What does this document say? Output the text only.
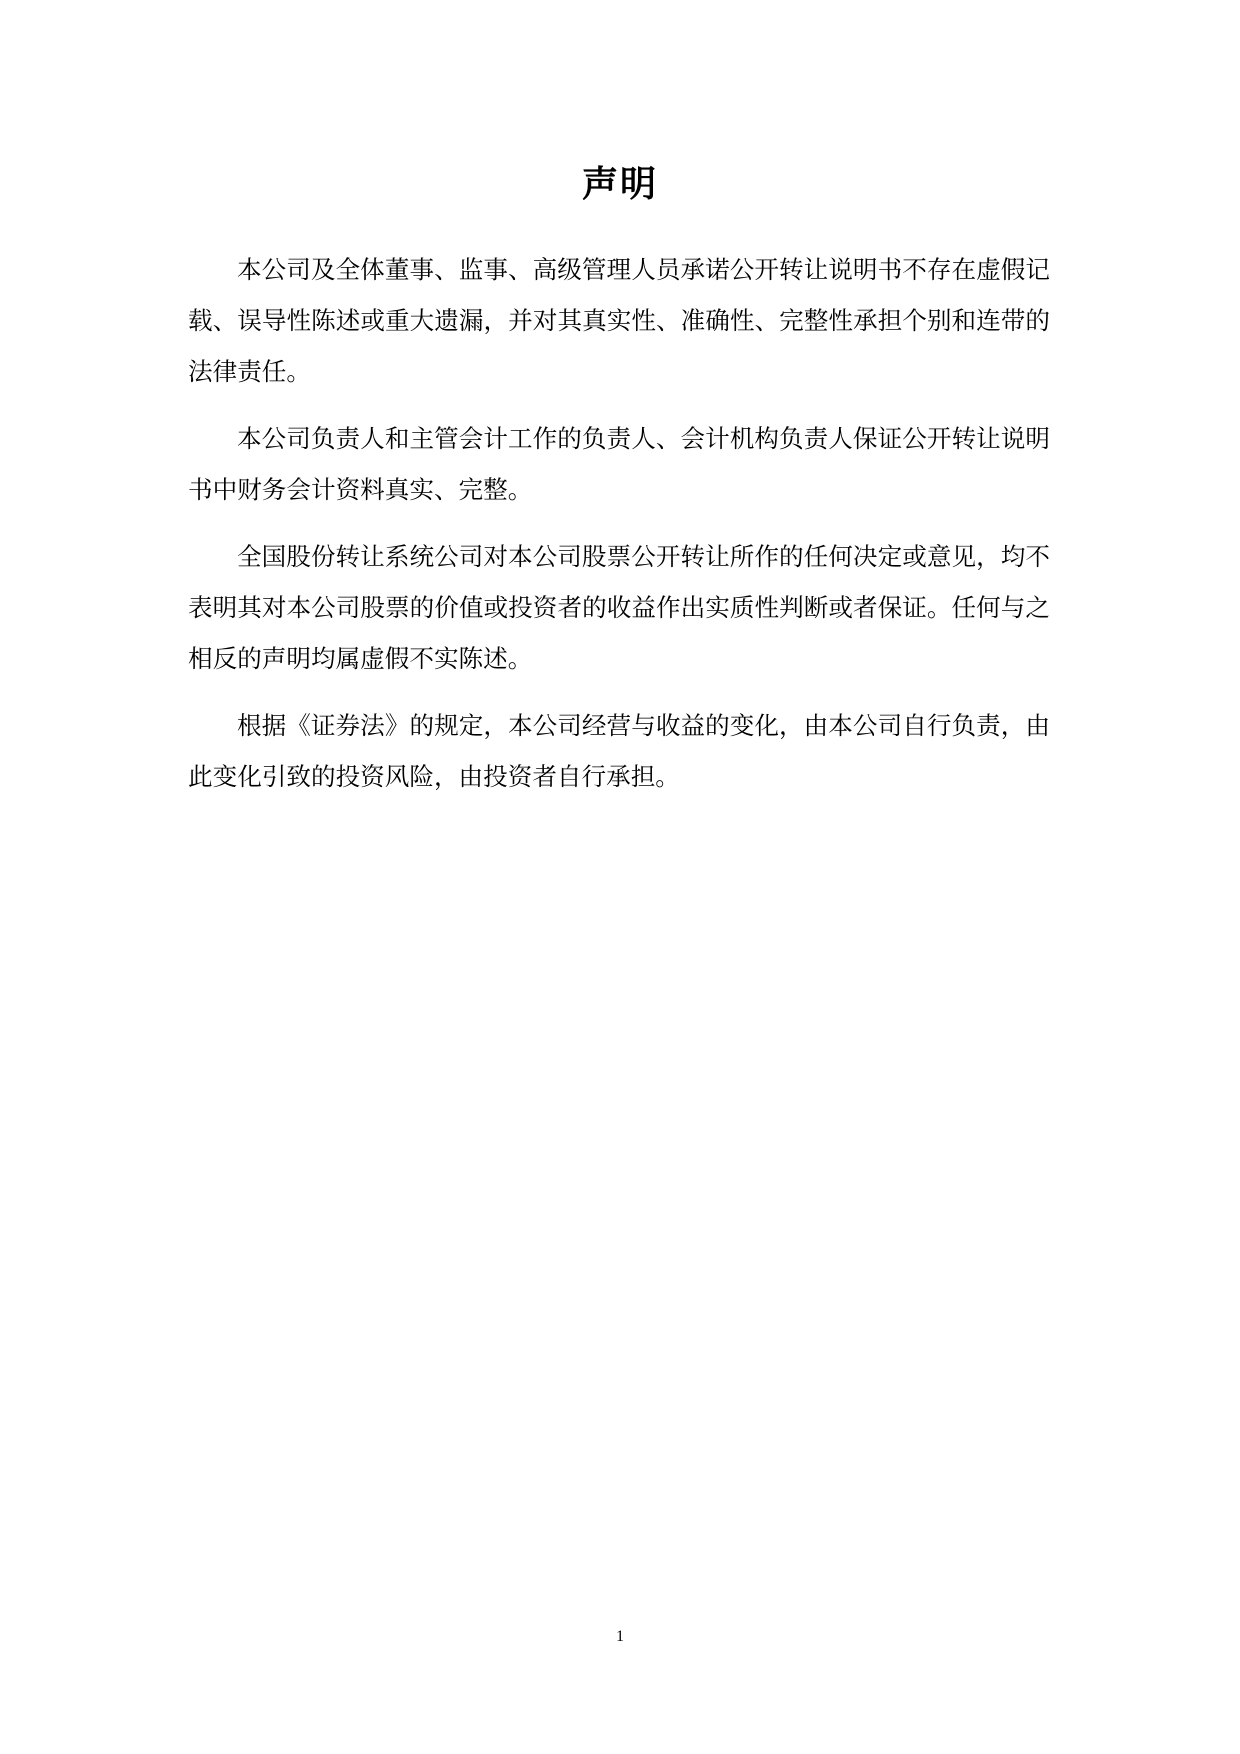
声明

本公司及全体董事、监事、高级管理人员承诺公开转让说明书不存在虚假记载、误导性陈述或重大遗漏，并对其真实性、准确性、完整性承担个别和连带的法律责任。

本公司负责人和主管会计工作的负责人、会计机构负责人保证公开转让说明书中财务会计资料真实、完整。

全国股份转让系统公司对本公司股票公开转让所作的任何决定或意见，均不表明其对本公司股票的价值或投资者的收益作出实质性判断或者保证。任何与之相反的声明均属虚假不实陈述。

根据《证券法》的规定，本公司经营与收益的变化，由本公司自行负责，由此变化引致的投资风险，由投资者自行承担。

1
